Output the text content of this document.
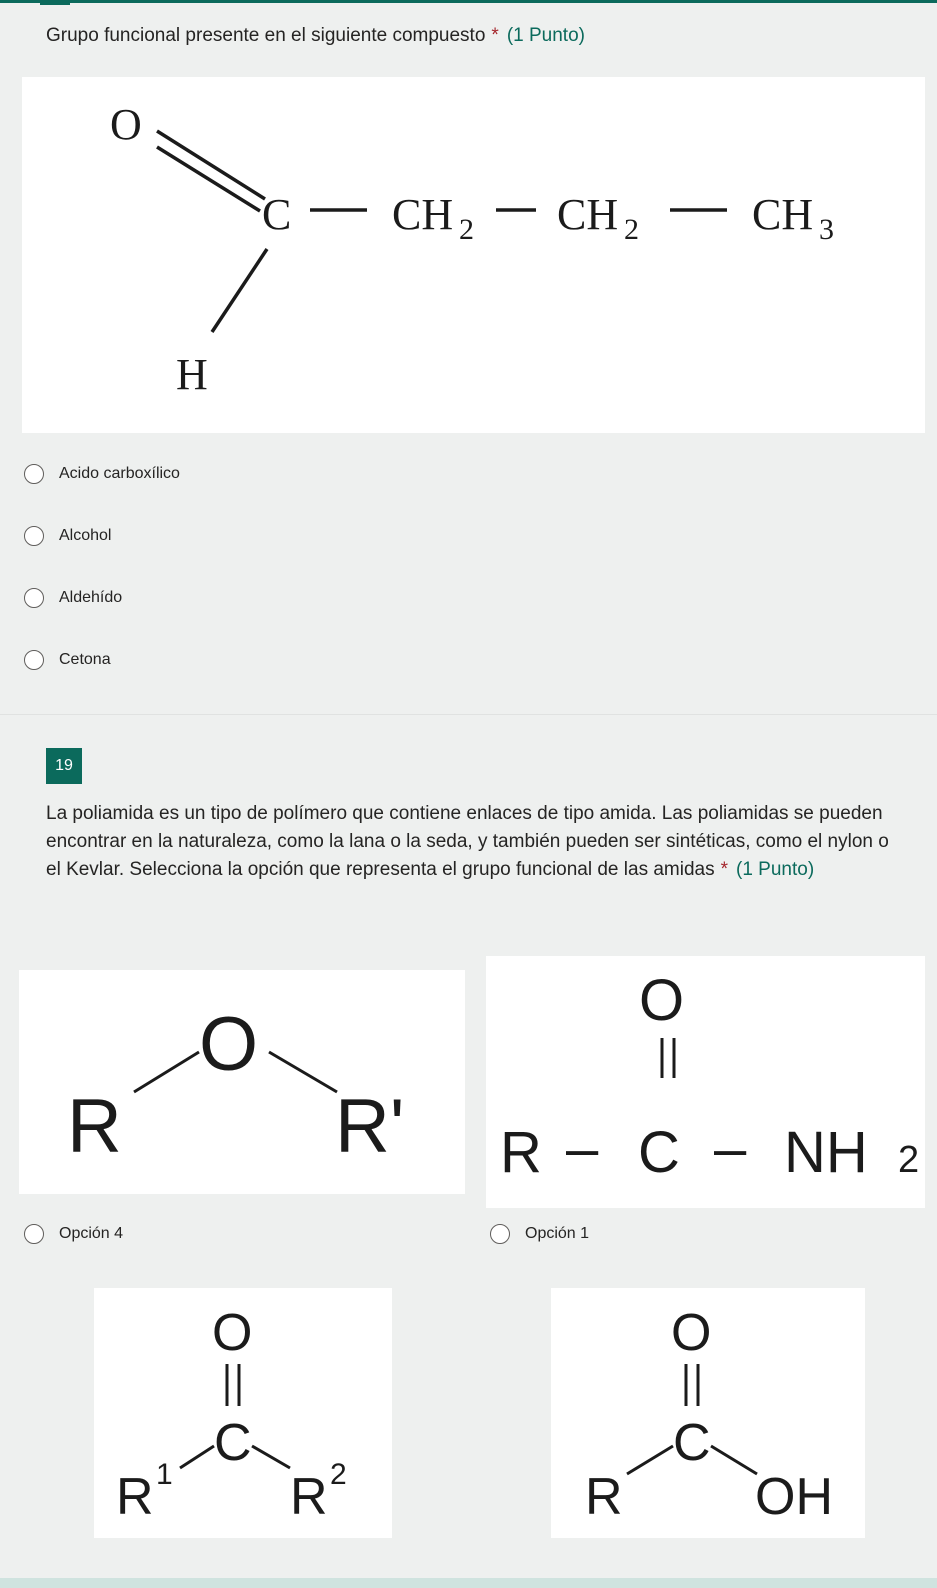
Grupo funcional presente en el siguiente compuesto * (1 Punto)
O
C CH 2 CH 2	CH 3
H
Acido carboxílico
Alcohol
Aldehído
Cetona
19
La poliamida es un tipo de polímero que contiene enlaces de tipo amida. Las poliamidas se pueden encontrar en la naturaleza, como la lana o la seda, y también pueden ser sintéticas, como el nylon o el Kevlar. Selecciona la opción que representa el grupo funcional de las amidas * (1 Punto)
R
O
R'
O
R – C – NH 2
Opción 4	Opción 1
O
C
R 1 R 2
O
C
R	OH
